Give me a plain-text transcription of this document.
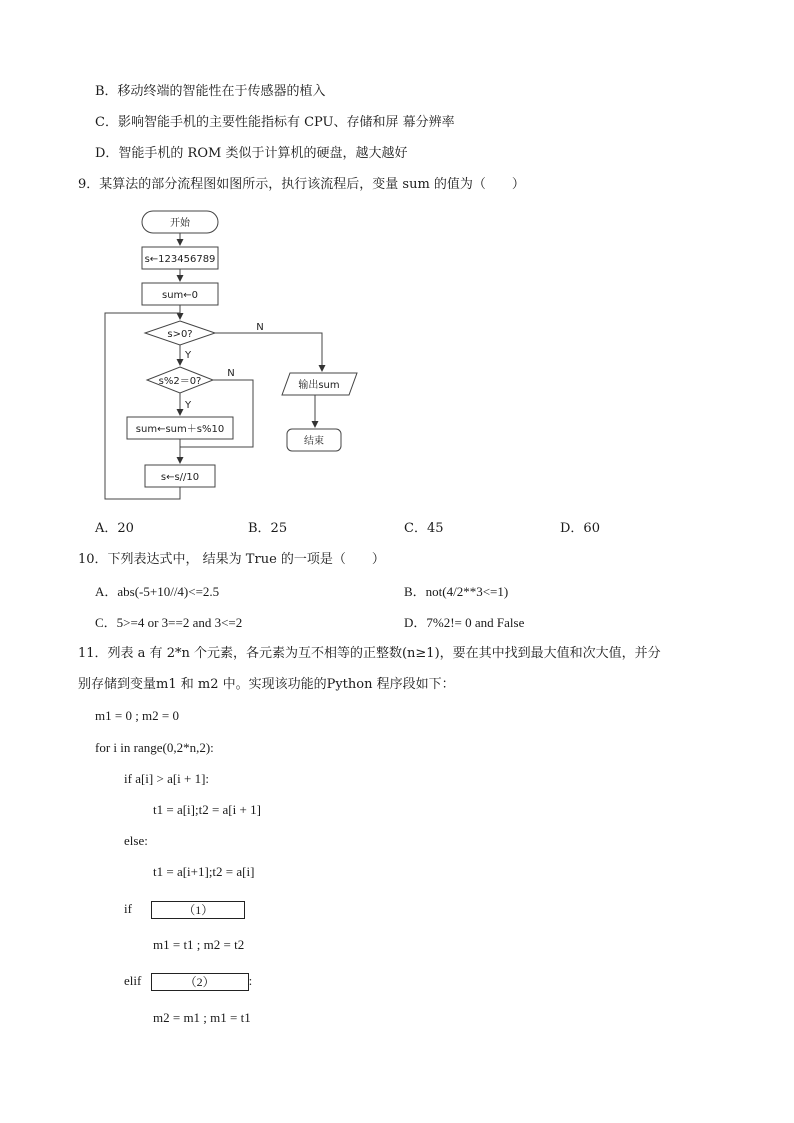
B．移动终端的智能性在于传感器的植入
C．影响智能手机的主要性能指标有 CPU、存储和屏 幕分辨率
D．智能手机的 ROM 类似于计算机的硬盘，越大越好
9．某算法的部分流程图如图所示，执行该流程后，变量 sum 的值为（　　）
开始
s←123456789
sum←0
s>0?
s%2＝0?
sum←sum＋s%10
s←s//10
输出sum
结束
Y
Y
N
N
A．20	B．25	C．45	D．60
10．下列表达式中， 结果为 True 的一项是（　　）
A．abs(-5+10//4)<=2.5	B．not(4/2**3<=1)
C．5>=4 or 3==2 and 3<=2	D．7%2!= 0 and False
11．列表 a 有 2*n 个元素，各元素为互不相等的正整数(n≥1)，要在其中找到最大值和次大值，并分
别存储到变量m1 和 m2 中。实现该功能的Python 程序段如下：
m1 = 0 ; m2 = 0
for i in range(0,2*n,2):
if a[i] > a[i + 1]:
t1 = a[i];t2 = a[i + 1]
else:
t1 = a[i+1];t2 = a[i]
if	（1）
m1 = t1 ; m2 = t2
elif	（2）	:
m2 = m1 ; m1 = t1
